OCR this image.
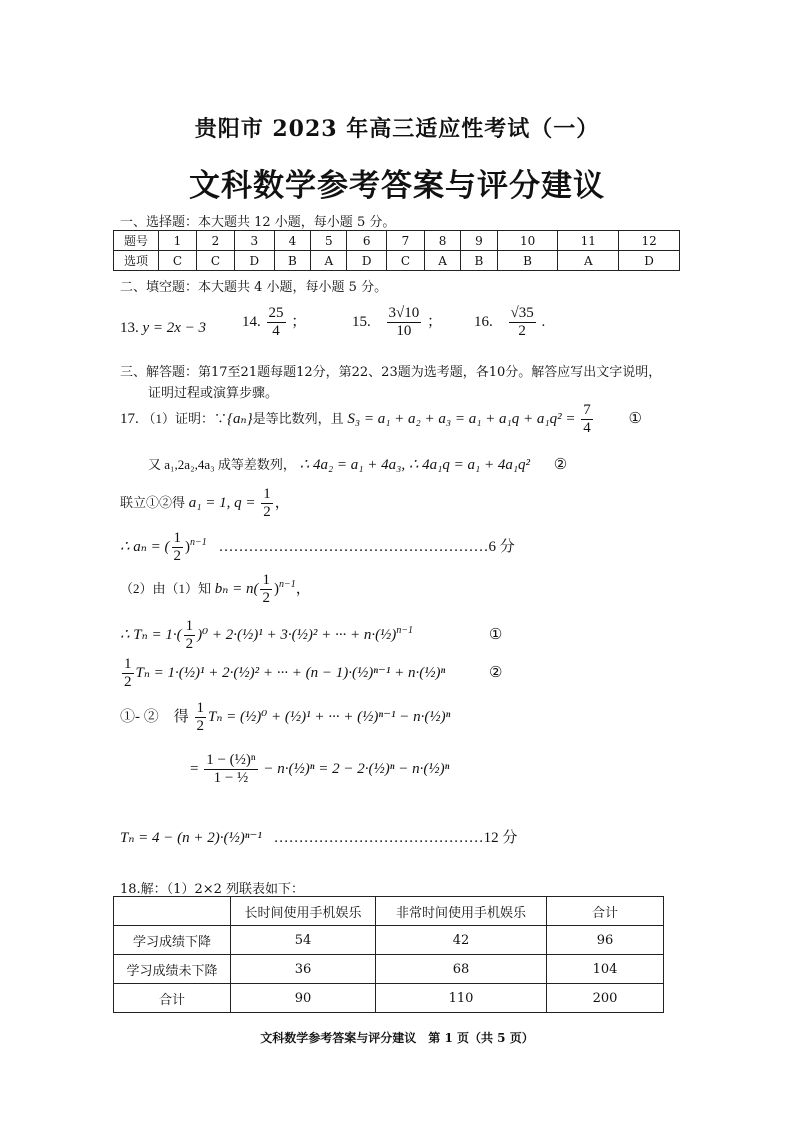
贵阳市 2023 年高三适应性考试（一）
文科数学参考答案与评分建议
一、选择题：本大题共 12 小题，每小题 5 分。
题号	1	2	3	4	5	6	7	8	9	10	11	12
选项	C	C	D	B	A	D	C	A	B	B	A	D
二、填空题：本大题共 4 小题，每小题 5 分。
13. y = 2x − 3 14. $\frac{25}{4}$ ；	15. $\frac{3√10}{10}$ ； 16. $\frac{√35}{2}$ .
三、解答题：第17至21题每题12分，第22、23题为选考题，各10分。解答应写出文字说明，
证明过程或演算步骤。
17. （1）证明：∵{aₙ}是等比数列，且 $S_3 = a_1 + a_2 + a_3 = a_1 + a_1q + a_1q^2 = \frac{7}{4}$ ①
又 a₁,2a₂,4a₃ 成等差数列， ∴ 4a₂ = a₁ + 4a₃, ∴ 4a₁q = a₁ + 4a₁q² ②
联立①②得 a₁ = 1, $q = \frac{1}{2}$ ，
∴ aₙ = ( $\frac{1}{2} )^{n-1}$ ………………………………………………6 分
（2）由（1）知 $b_n = n( \frac{1}{2} )^{n-1}$，
∴ $T_n = 1\cdot( \frac{1}{2} )^0$ + 2·(½)¹ + 3·(½)² + ··· + n·(½)$^{n-1}$	①
$\frac{1}{2}$ Tₙ = 1·(½)¹ + 2·(½)² + ··· + (n − 1)·(½)ⁿ⁻¹ + n·(½)ⁿ	②
①- ②　得 $\frac{1}{2}$ Tₙ = (½)⁰ + (½)¹ + ··· + (½)ⁿ⁻¹ − n·(½)ⁿ
= $\frac{\text{1 − (½)ⁿ}}{\text{1 − ½}}$ − n·(½)ⁿ = 2 − 2·(½)ⁿ − n·(½)ⁿ
Tₙ = 4 − (n + 2)·(½)ⁿ⁻¹ ……………………………………12 分
18.解：（1）2×2 列联表如下：
	长时间使用手机娱乐	非常时间使用手机娱乐	合计
学习成绩下降	54	42	96
学习成绩未下降	36	68	104
合计	90	110	200
文科数学参考答案与评分建议　第 1 页（共 5 页）
